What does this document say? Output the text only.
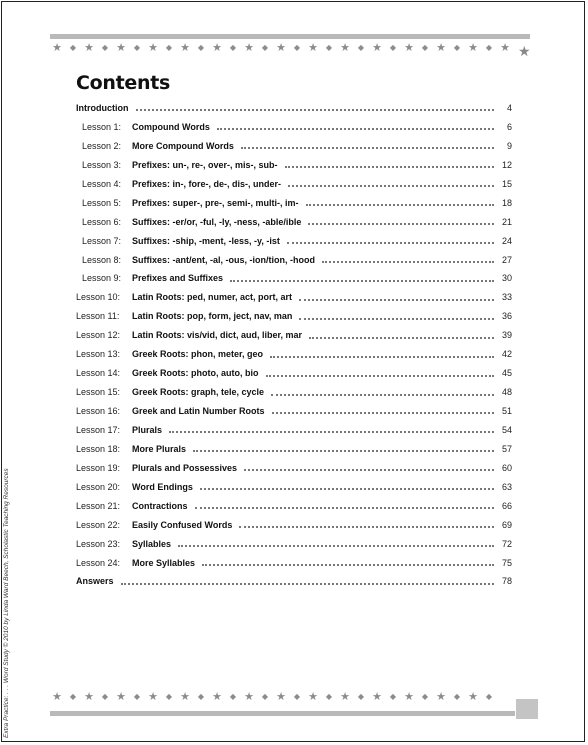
★ ◆ ★ ◆ ★ ◆ ★ ◆ ★ ◆ ★ ◆ ★ ◆ ★ ◆ ★ ◆ ★ ◆ ★ ◆ ★ ◆ ★ ◆ ★ ◆ ★ ★
Contents
Introduction	4
Lesson 1:	Compound Words	6
Lesson 2:	More Compound Words	9
Lesson 3:	Prefixes: un-, re-, over-, mis-, sub-	12
Lesson 4:	Prefixes: in-, fore-, de-, dis-, under-	15
Lesson 5:	Prefixes: super-, pre-, semi-, multi-, im-	18
Lesson 6:	Suffixes: -er/or, -ful, -ly, -ness, -able/ible	21
Lesson 7:	Suffixes: -ship, -ment, -less, -y, -ist	24
Lesson 8:	Suffixes: -ant/ent, -al, -ous, -ion/tion, -hood	27
Lesson 9:	Prefixes and Suffixes	30
Lesson 10:	Latin Roots: ped, numer, act, port, art	33
Lesson 11:	Latin Roots: pop, form, ject, nav, man	36
Lesson 12:	Latin Roots: vis/vid, dict, aud, liber, mar	39
Lesson 13:	Greek Roots: phon, meter, geo	42
Lesson 14:	Greek Roots: photo, auto, bio	45
Lesson 15:	Greek Roots: graph, tele, cycle	48
Lesson 16:	Greek and Latin Number Roots	51
Lesson 17:	Plurals	54
Lesson 18:	More Plurals	57
Lesson 19:	Plurals and Possessives	60
Lesson 20:	Word Endings	63
Lesson 21:	Contractions	66
Lesson 22:	Easily Confused Words	69
Lesson 23:	Syllables	72
Lesson 24:	More Syllables	75
Answers	78
★ ◆ ★ ◆ ★ ◆ ★ ◆ ★ ◆ ★ ◆ ★ ◆ ★ ◆ ★ ◆ ★ ◆ ★ ◆ ★ ◆ ★ ◆ ★ ◆
Extra Practice: . . . Word Study © 2010 by Linda Ward Beech, Scholastic Teaching Resources
